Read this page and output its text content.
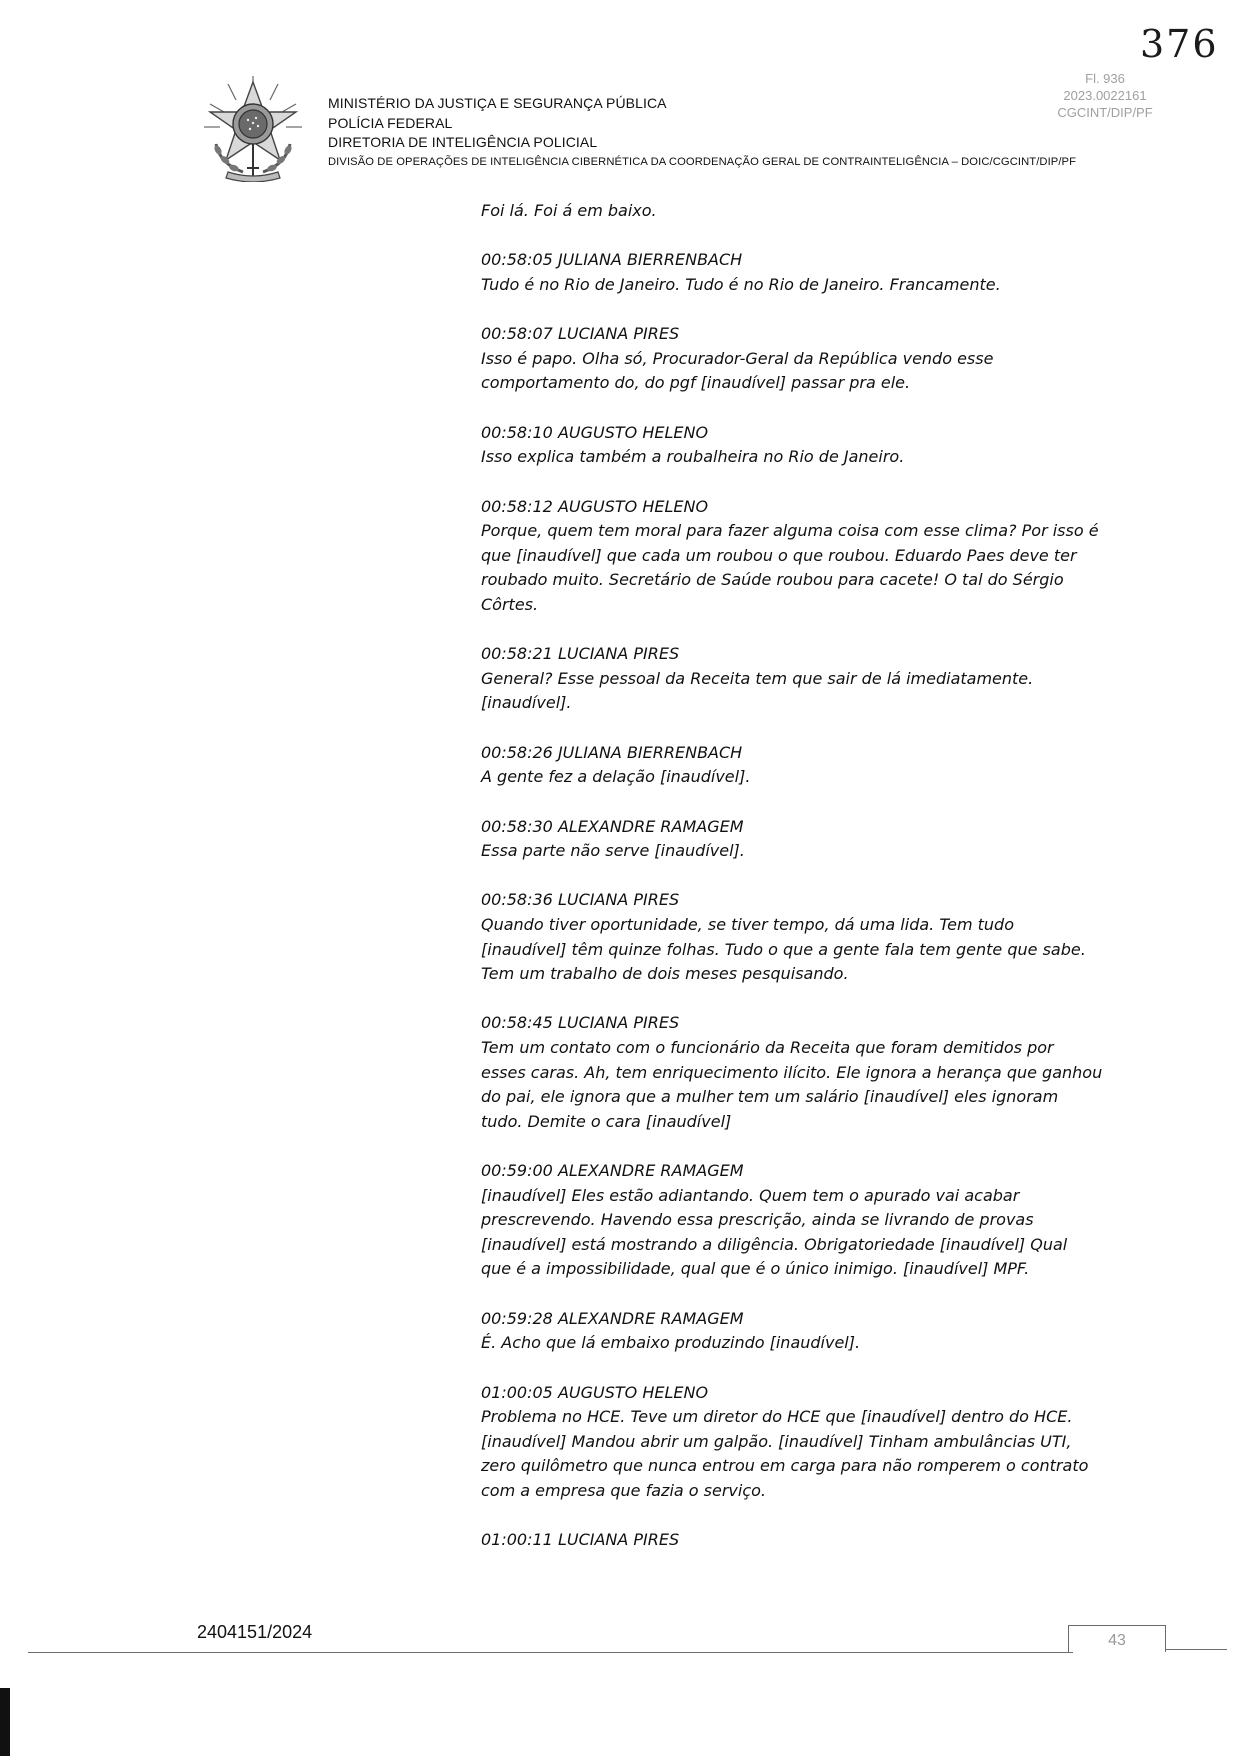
376
Fl. 936
2023.0022161
CGCINT/DIP/PF
MINISTÉRIO DA JUSTIÇA E SEGURANÇA PÚBLICA
POLÍCIA FEDERAL
DIRETORIA DE INTELIGÊNCIA POLICIAL
DIVISÃO DE OPERAÇÕES DE INTELIGÊNCIA CIBERNÉTICA DA COORDENAÇÃO GERAL DE CONTRAINTELIGÊNCIA – DOIC/CGCINT/DIP/PF
Foi lá. Foi á em baixo.
00:58:05 JULIANA BIERRENBACH
Tudo é no Rio de Janeiro. Tudo é no Rio de Janeiro. Francamente.
00:58:07 LUCIANA PIRES
Isso é papo. Olha só, Procurador-Geral da República vendo esse
comportamento do, do pgf [inaudível] passar pra ele.
00:58:10 AUGUSTO HELENO
Isso explica também a roubalheira no Rio de Janeiro.
00:58:12 AUGUSTO HELENO
Porque, quem tem moral para fazer alguma coisa com esse clima? Por isso é
que [inaudível] que cada um roubou o que roubou. Eduardo Paes deve ter
roubado muito. Secretário de Saúde roubou para cacete! O tal do Sérgio
Côrtes.
00:58:21 LUCIANA PIRES
General? Esse pessoal da Receita tem que sair de lá imediatamente.
[inaudível].
00:58:26 JULIANA BIERRENBACH
A gente fez a delação [inaudível].
00:58:30 ALEXANDRE RAMAGEM
Essa parte não serve [inaudível].
00:58:36 LUCIANA PIRES
Quando tiver oportunidade, se tiver tempo, dá uma lida. Tem tudo
[inaudível] têm quinze folhas. Tudo o que a gente fala tem gente que sabe.
Tem um trabalho de dois meses pesquisando.
00:58:45 LUCIANA PIRES
Tem um contato com o funcionário da Receita que foram demitidos por
esses caras. Ah, tem enriquecimento ilícito. Ele ignora a herança que ganhou
do pai, ele ignora que a mulher tem um salário [inaudível] eles ignoram
tudo. Demite o cara [inaudível]
00:59:00 ALEXANDRE RAMAGEM
[inaudível] Eles estão adiantando. Quem tem o apurado vai acabar
prescrevendo. Havendo essa prescrição, ainda se livrando de provas
[inaudível] está mostrando a diligência. Obrigatoriedade [inaudível] Qual
que é a impossibilidade, qual que é o único inimigo. [inaudível] MPF.
00:59:28 ALEXANDRE RAMAGEM
É. Acho que lá embaixo produzindo [inaudível].
01:00:05 AUGUSTO HELENO
Problema no HCE. Teve um diretor do HCE que [inaudível] dentro do HCE.
[inaudível] Mandou abrir um galpão. [inaudível] Tinham ambulâncias UTI,
zero quilômetro que nunca entrou em carga para não romperem o contrato
com a empresa que fazia o serviço.
01:00:11 LUCIANA PIRES
2404151/2024	43
